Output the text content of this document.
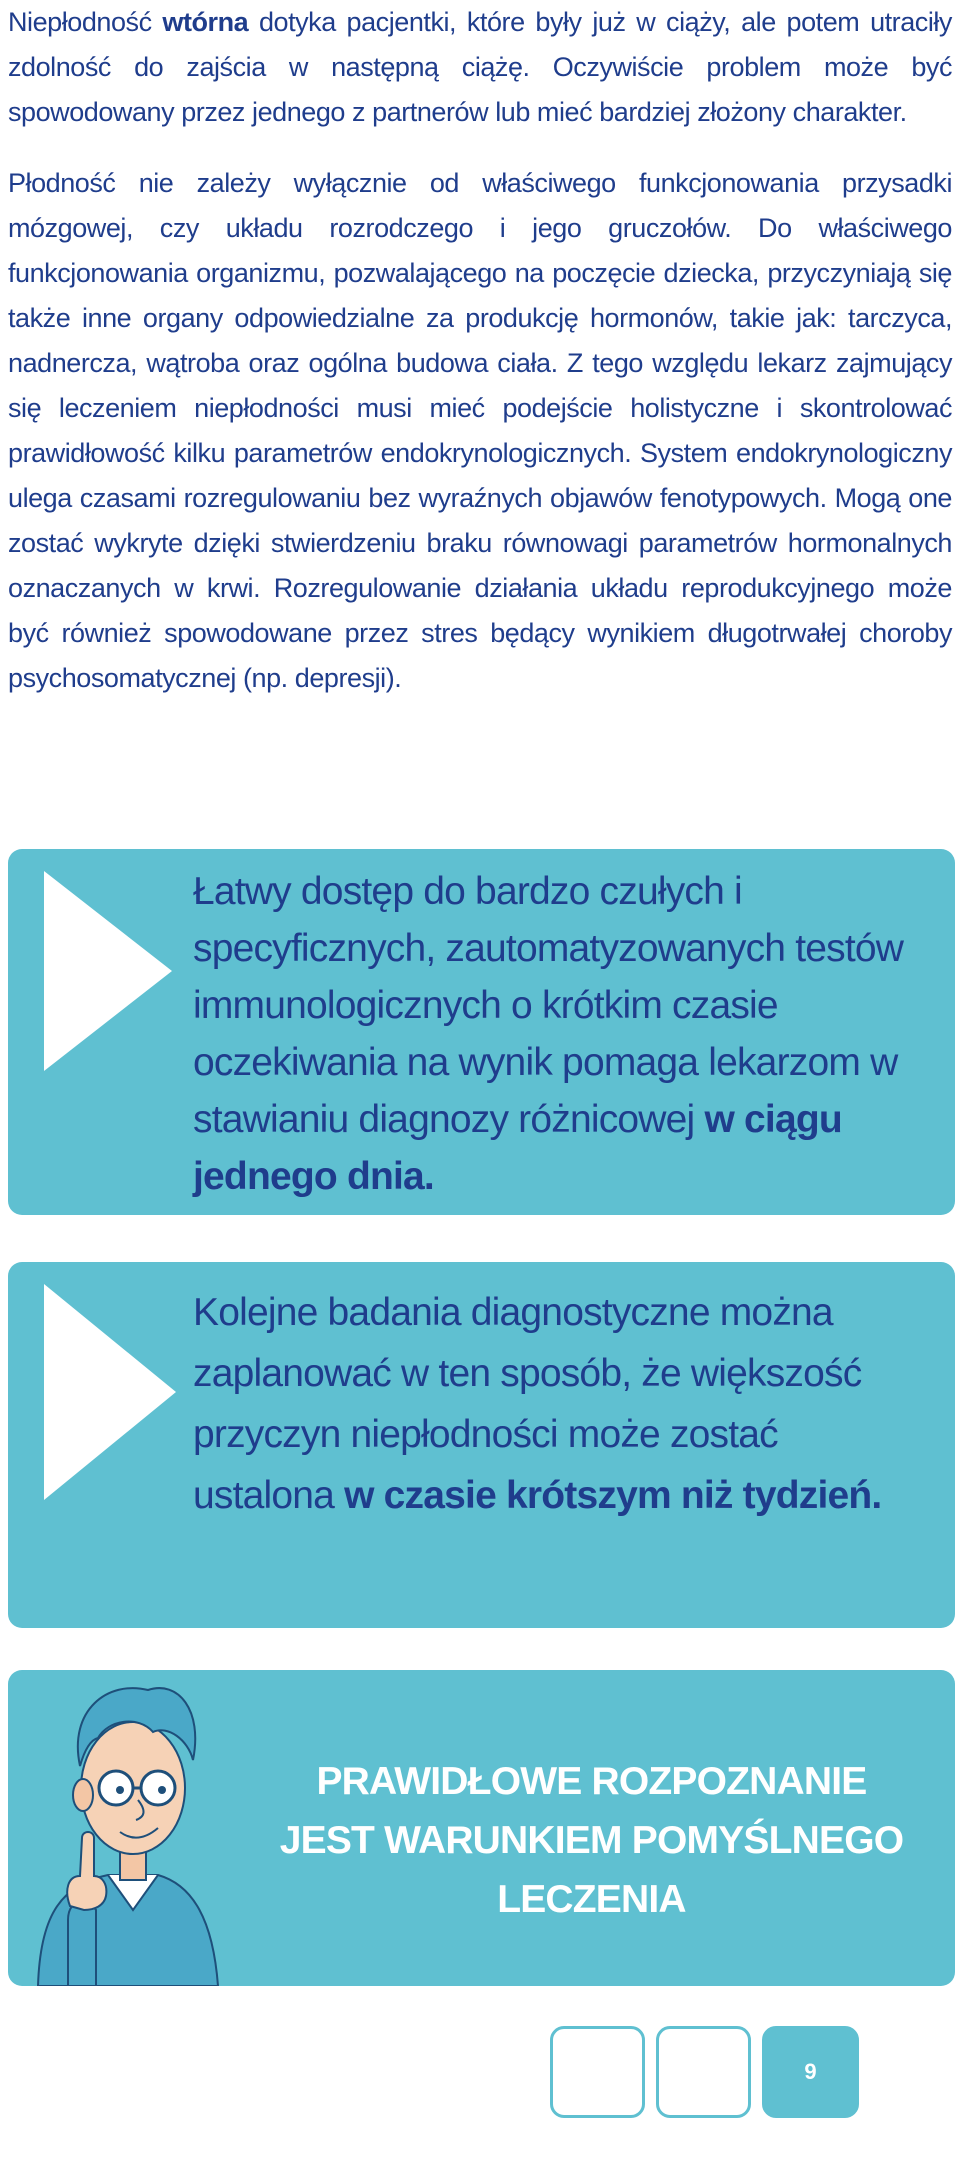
Niepłodność wtórna dotyka pacjentki, które były już w ciąży, ale potem utraciły zdolność do zajścia w następną ciążę. Oczywiście problem może być spowodowany przez jednego z partnerów lub mieć bardziej złożony charakter.

Płodność nie zależy wyłącznie od właściwego funkcjonowania przysadki mózgowej, czy układu rozrodczego i jego gruczołów. Do właściwego funkcjonowania organizmu, pozwalającego na poczęcie dziecka, przyczyniają się także inne organy odpowiedzialne za produkcję hormonów, takie jak: tarczyca, nadnercza, wątroba oraz ogólna budowa ciała. Z tego względu lekarz zajmujący się leczeniem niepłodności musi mieć podejście holistyczne i skontrolować prawidłowość kilku parametrów endokrynologicznych. System endokrynologiczny ulega czasami rozregulowaniu bez wyraźnych objawów fenotypowych. Mogą one zostać wykryte dzięki stwierdzeniu braku równowagi parametrów hormonalnych oznaczanych w krwi. Rozregulowanie działania układu reprodukcyjnego może być również spowodowane przez stres będący wynikiem długotrwałej choroby psychosomatycznej (np. depresji).

Łatwy dostęp do bardzo czułych i specyficznych, zautomatyzowanych testów immunologicznych o krótkim czasie oczekiwania na wynik pomaga lekarzom w stawianiu diagnozy różnicowej w ciągu jednego dnia.

Kolejne badania diagnostyczne można zaplanować w ten sposób, że większość przyczyn niepłodności może zostać ustalona w czasie krótszym niż tydzień.

PRAWIDŁOWE ROZPOZNANIE
JEST WARUNKIEM POMYŚLNEGO
LECZENIA

9
